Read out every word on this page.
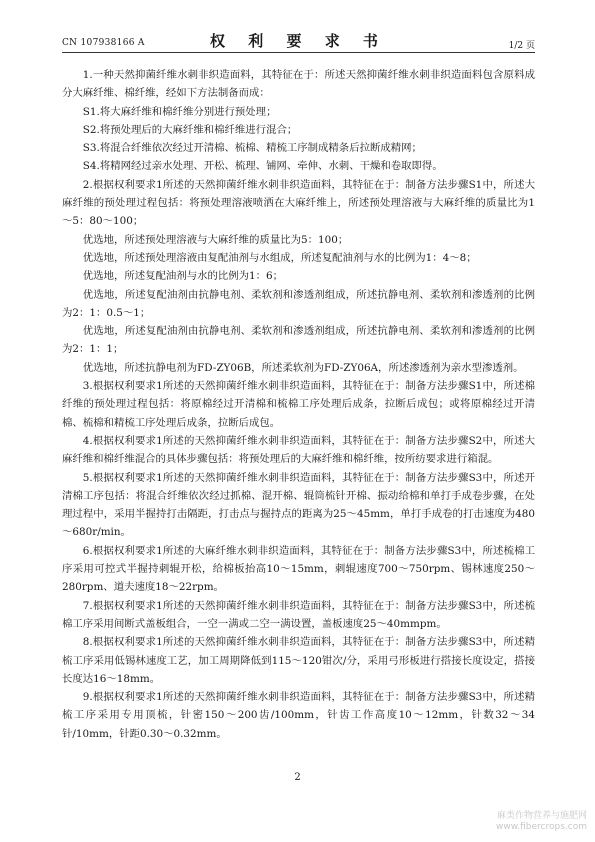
CN 107938166 A	权 利 要 求 书	1/2 页

1.一种天然抑菌纤维水刺非织造面料，其特征在于：所述天然抑菌纤维水刺非织造面料包含原料成分大麻纤维、棉纤维，经如下方法制备而成：

S1.将大麻纤维和棉纤维分别进行预处理；

S2.将预处理后的大麻纤维和棉纤维进行混合；

S3.将混合纤维依次经过开清棉、梳棉、精梳工序制成精条后拉断成精网；

S4.将精网经过亲水处理、开松、梳理、铺网、牵伸、水刺、干燥和卷取即得。

2.根据权利要求1所述的天然抑菌纤维水刺非织造面料，其特征在于：制备方法步骤S1中，所述大麻纤维的预处理过程包括：将预处理溶液喷洒在大麻纤维上，所述预处理溶液与大麻纤维的质量比为1～5：80～100；

优选地，所述预处理溶液与大麻纤维的质量比为5：100；

优选地，所述预处理溶液由复配油剂与水组成，所述复配油剂与水的比例为1：4～8；

优选地，所述复配油剂与水的比例为1：6；

优选地，所述复配油剂由抗静电剂、柔软剂和渗透剂组成，所述抗静电剂、柔软剂和渗透剂的比例为2：1：0.5～1；

优选地，所述复配油剂由抗静电剂、柔软剂和渗透剂组成，所述抗静电剂、柔软剂和渗透剂的比例为2：1：1；

优选地，所述抗静电剂为FD-ZY06B，所述柔软剂为FD-ZY06A，所述渗透剂为亲水型渗透剂。

3.根据权利要求1所述的天然抑菌纤维水刺非织造面料，其特征在于：制备方法步骤S1中，所述棉纤维的预处理过程包括：将原棉经过开清棉和梳棉工序处理后成条，拉断后成包；或将原棉经过开清棉、梳棉和精梳工序处理后成条，拉断后成包。

4.根据权利要求1所述的天然抑菌纤维水刺非织造面料，其特征在于：制备方法步骤S2中，所述大麻纤维和棉纤维混合的具体步骤包括：将预处理后的大麻纤维和棉纤维，按所纺要求进行箱混。

5.根据权利要求1所述的天然抑菌纤维水刺非织造面料，其特征在于：制备方法步骤S3中，所述开清棉工序包括：将混合纤维依次经过抓棉、混开棉、辊筒梳针开棉、振动给棉和单打手成卷步骤，在处理过程中，采用半握持打击隔距，打击点与握持点的距离为25～45mm，单打手成卷的打击速度为480～680r/min。

6.根据权利要求1所述的大麻纤维水刺非织造面料，其特征在于：制备方法步骤S3中，所述梳棉工序采用可控式半握持刺辊开松，给棉板抬高10～15mm，刺辊速度700～750rpm、锡林速度250～280rpm、道夫速度18～22rpm。

7.根据权利要求1所述的天然抑菌纤维水刺非织造面料，其特征在于：制备方法步骤S3中，所述梳棉工序采用间断式盖板组合，一空一满或二空一满设置，盖板速度25～40mmpm。

8.根据权利要求1所述的天然抑菌纤维水刺非织造面料，其特征在于：制备方法步骤S3中，所述精梳工序采用低锡林速度工艺，加工周期降低到115～120钳次/分，采用弓形板进行搭接长度设定，搭接长度达16～18mm。

9.根据权利要求1所述的天然抑菌纤维水刺非织造面料，其特征在于：制备方法步骤S3中，所述精梳工序采用专用顶梳，针密150～200齿/100mm，针齿工作高度10～12mm，针数32～34针/10mm，针距0.30～0.32mm。

2
麻类作物营养与施肥网
www.fibercrops.com
